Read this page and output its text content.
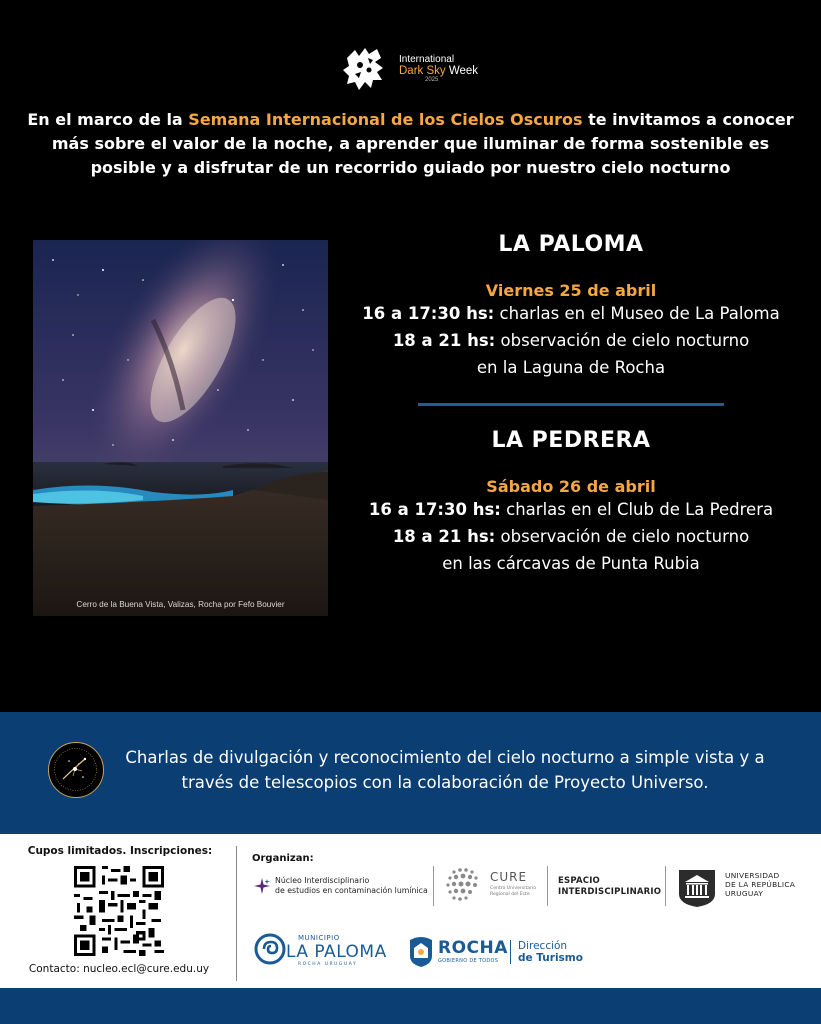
International
Dark Sky Week
2025

En el marco de la Semana Internacional de los Cielos Oscuros te invitamos a conocer más sobre el valor de la noche, a aprender que iluminar de forma sostenible es posible y a disfrutar de un recorrido guiado por nuestro cielo nocturno

Cerro de la Buena Vista, Valizas, Rocha por Fefo Bouvier
LA PALOMA
Viernes 25 de abril
16 a 17:30 hs: charlas en el Museo de La Paloma
18 a 21 hs: observación de cielo nocturno
en la Laguna de Rocha
LA PEDRERA
Sábado 26 de abril
16 a 17:30 hs: charlas en el Club de La Pedrera
18 a 21 hs: observación de cielo nocturno
en las cárcavas de Punta Rubia

Charlas de divulgación y reconocimiento del cielo nocturno a simple vista y a través de telescopios con la colaboración de Proyecto Universo.

Cupos limitados. Inscripciones:
Contacto: nucleo.ecl@cure.edu.uy
Organizan:
Núcleo Interdisciplinario
de estudios en contaminación lumínica
CURE
Centro Universitario Regional del Este
ESPACIO
INTERDISCIPLINARIO
UNIVERSIDAD
DE LA REPÚBLICA
URUGUAY
MUNICIPIO
LA PALOMA
ROCHA URUGUAY
ROCHA
GOBIERNO DE TODOS
Dirección
de Turismo
